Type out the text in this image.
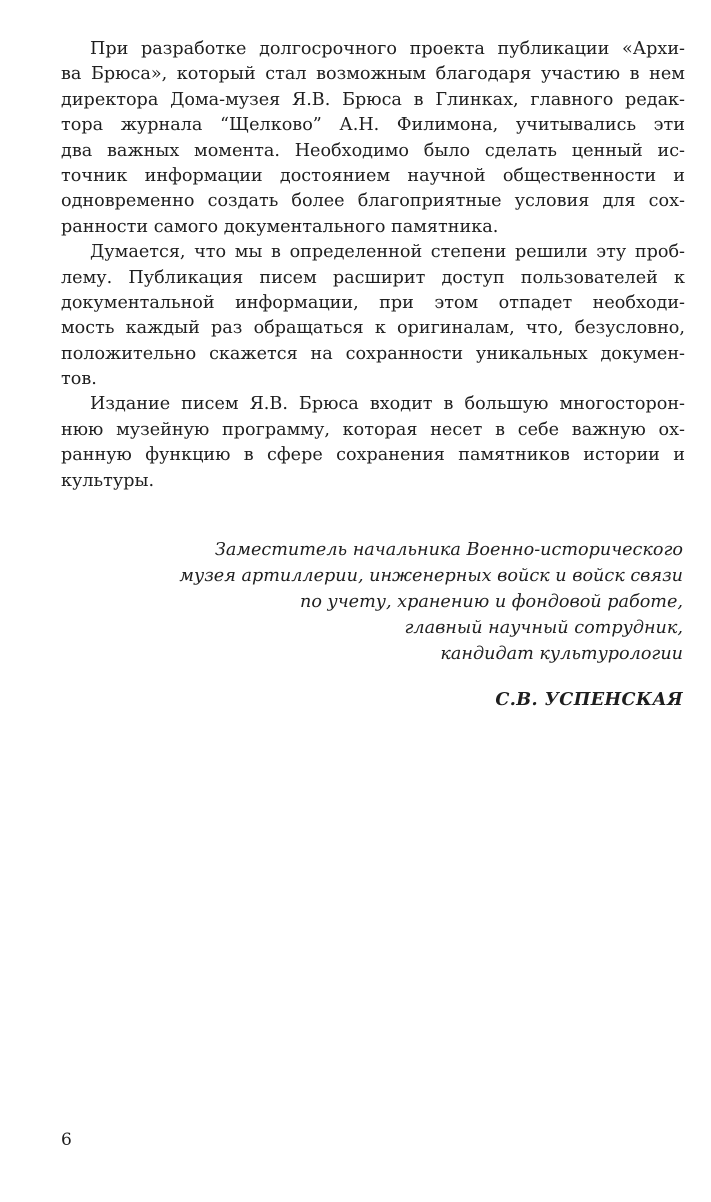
При разработке долгосрочного проекта публикации «Архи-
ва Брюса», который стал возможным благодаря участию в нем
директора Дома-музея Я.В. Брюса в Глинках, главного редак-
тора журнала “Щелково” А.Н. Филимона, учитывались эти
два важных момента. Необходимо было сделать ценный ис-
точник информации достоянием научной общественности и
одновременно создать более благоприятные условия для сох-
ранности самого документального памятника.
Думается, что мы в определенной степени решили эту проб-
лему. Публикация писем расширит доступ пользователей к
документальной информации, при этом отпадет необходи-
мость каждый раз обращаться к оригиналам, что, безусловно,
положительно скажется на сохранности уникальных докумен-
тов.
Издание писем Я.В. Брюса входит в большую многосторон-
нюю музейную программу, которая несет в себе важную ох-
ранную функцию в сфере сохранения памятников истории и
культуры.
Заместитель начальника Военно-исторического
музея артиллерии, инженерных войск и войск связи
по учету, хранению и фондовой работе,
главный научный сотрудник,
кандидат культурологии
С.В. УСПЕНСКАЯ
6
